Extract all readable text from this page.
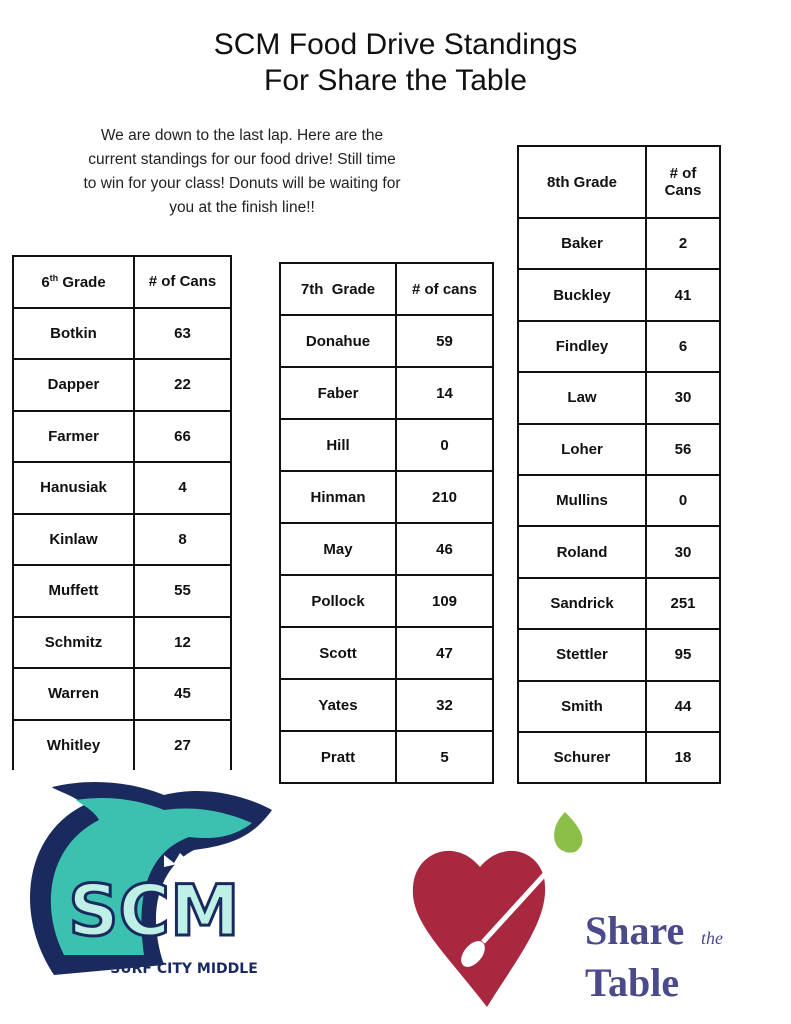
SCM Food Drive Standings
For Share the Table
We are down to the last lap. Here are the current standings for our food drive! Still time to win for your class! Donuts will be waiting for you at the finish line!!
6th Grade	# of Cans
Botkin	63
Dapper	22
Farmer	66
Hanusiak	4
Kinlaw	8
Muffett	55
Schmitz	12
Warren	45
Whitley	27
7th  Grade	# of cans
Donahue	59
Faber	14
Hill	0
Hinman	210
May	46
Pollock	109
Scott	47
Yates	32
Pratt	5
8th Grade	# of Cans
Baker	2
Buckley	41
Findley	6
Law	30
Loher	56
Mullins	0
Roland	30
Sandrick	251
Stettler	95
Smith	44
Schurer	18
SCM
SURF CITY MIDDLE
Share the
Table
